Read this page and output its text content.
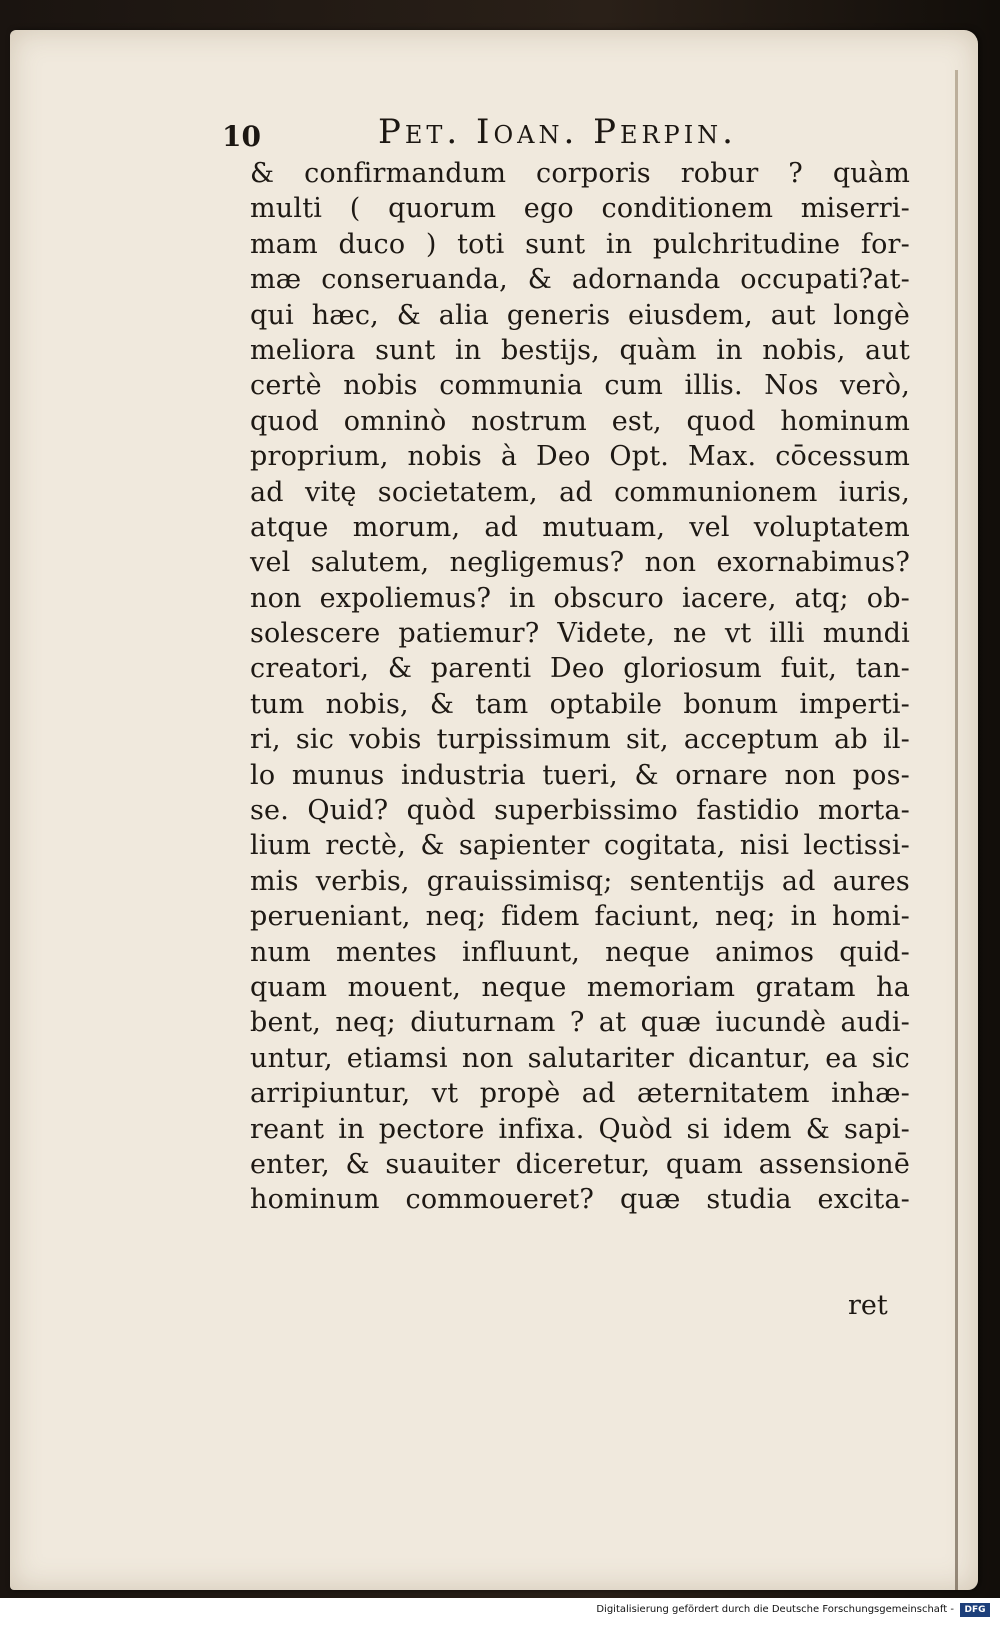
10	Pet. Ioan. Perpin.
& confirmandum corporis robur ? quàm
multi ( quorum ego conditionem miserri-
mam duco ) toti sunt in pulchritudine for-
mæ conseruanda, & adornanda occupati?at-
qui hæc, & alia generis eiusdem, aut longè
meliora sunt in bestijs, quàm in nobis, aut
certè nobis communia cum illis. Nos verò,
quod omninò nostrum est, quod hominum
proprium, nobis à Deo Opt. Max. cōcessum
ad vitę societatem, ad communionem iuris,
atque morum, ad mutuam, vel voluptatem
vel salutem, negligemus? non exornabimus?
non expoliemus? in obscuro iacere, atq; ob-
solescere patiemur? Videte, ne vt illi mundi
creatori, & parenti Deo gloriosum fuit, tan-
tum nobis, & tam optabile bonum imperti-
ri, sic vobis turpissimum sit, acceptum ab il-
lo munus industria tueri, & ornare non pos-
se. Quid? quòd superbissimo fastidio morta-
lium rectè, & sapienter cogitata, nisi lectissi-
mis verbis, grauissimisq; sententijs ad aures
perueniant, neq; fidem faciunt, neq; in homi-
num mentes influunt, neque animos quid-
quam mouent, neque memoriam gratam ha
bent, neq; diuturnam ? at quæ iucundè audi-
untur, etiamsi non salutariter dicantur, ea sic
arripiuntur, vt propè ad æternitatem inhæ-
reant in pectore infixa. Quòd si idem & sapi-
enter, & suauiter diceretur, quam assensionē
hominum commoueret? quæ studia excita-
ret
Digitalisierung gefördert durch die Deutsche Forschungsgemeinschaft -	DFG
